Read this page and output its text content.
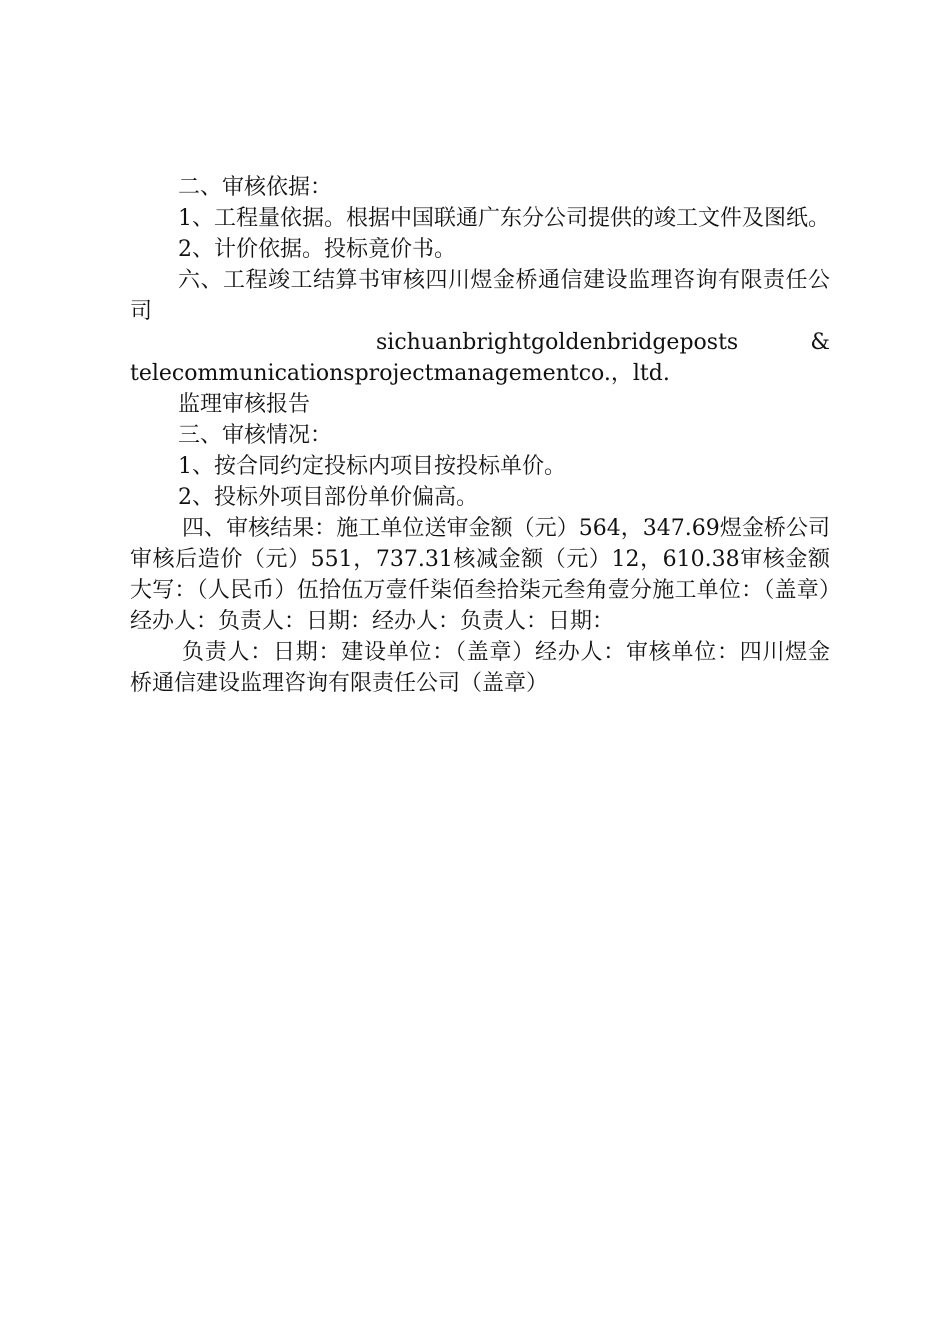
二、审核依据：

1、工程量依据。根据中国联通广东分公司提供的竣工文件及图纸。

2、计价依据。投标竟价书。

六、工程竣工结算书审核四川煜金桥通信建设监理咨询有限责任公司

sichuanbrightgoldenbridgeposts	&
telecommunicationsprojectmanagementco.，ltd.

监理审核报告

三、审核情况：

1、按合同约定投标内项目按投标单价。

2、投标外项目部份单价偏高。

四、审核结果：施工单位送审金额（元）564，347.69煜金桥公司审核后造价（元）551，737.31核减金额（元）12，610.38审核金额大写：（人民币）伍拾伍万壹仟柒佰叁拾柒元叁角壹分施工单位：（盖章）经办人：负责人：日期：经办人：负责人：日期：

负责人：日期：建设单位：（盖章）经办人：审核单位：四川煜金桥通信建设监理咨询有限责任公司（盖章）
